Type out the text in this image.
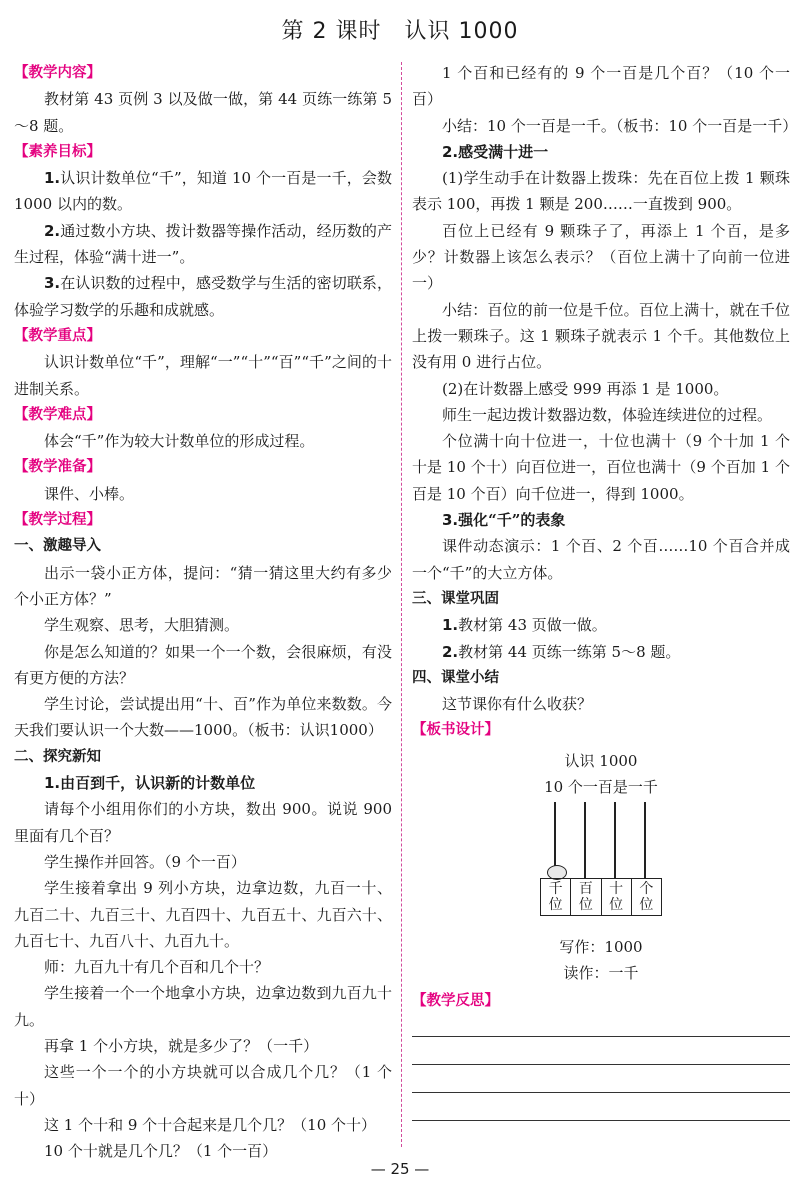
第 2 课时　认识 1000

【教学内容】

教材第 43 页例 3 以及做一做，第 44 页练一练第 5～8 题。

【素养目标】

1.认识计数单位“千”，知道 10 个一百是一千，会数 1000 以内的数。

2.通过数小方块、拨计数器等操作活动，经历数的产生过程，体验“满十进一”。

3.在认识数的过程中，感受数学与生活的密切联系，体验学习数学的乐趣和成就感。

【教学重点】

认识计数单位“千”，理解“一”“十”“百”“千”之间的十进制关系。

【教学难点】

体会“千”作为较大计数单位的形成过程。

【教学准备】

课件、小棒。

【教学过程】

一、激趣导入

出示一袋小正方体，提问：“猜一猜这里大约有多少个小正方体？”

学生观察、思考，大胆猜测。

你是怎么知道的？如果一个一个数，会很麻烦，有没有更方便的方法？

学生讨论，尝试提出用“十、百”作为单位来数数。今天我们要认识一个大数——1000。（板书：认识1000）

二、探究新知

1.由百到千，认识新的计数单位

请每个小组用你们的小方块，数出 900。说说 900 里面有几个百？

学生操作并回答。（9 个一百）

学生接着拿出 9 列小方块，边拿边数，九百一十、九百二十、九百三十、九百四十、九百五十、九百六十、九百七十、九百八十、九百九十。

师：九百九十有几个百和几个十？

学生接着一个一个地拿小方块，边拿边数到九百九十九。

再拿 1 个小方块，就是多少了？（一千）

这些一个一个的小方块就可以合成几个几？（1 个十）

这 1 个十和 9 个十合起来是几个几？（10 个十）

10 个十就是几个几？（1 个一百）

1 个百和已经有的 9 个一百是几个百？（10 个一百）

小结：10 个一百是一千。（板书：10 个一百是一千）

2.感受满十进一

(1)学生动手在计数器上拨珠：先在百位上拨 1 颗珠表示 100，再拨 1 颗是 200……一直拨到 900。

百位上已经有 9 颗珠子了，再添上 1 个百，是多少？计数器上该怎么表示？（百位上满十了向前一位进一）

小结：百位的前一位是千位。百位上满十，就在千位上拨一颗珠子。这 1 颗珠子就表示 1 个千。其他数位上没有用 0 进行占位。

(2)在计数器上感受 999 再添 1 是 1000。

师生一起边拨计数器边数，体验连续进位的过程。

个位满十向十位进一，十位也满十（9 个十加 1 个十是 10 个十）向百位进一，百位也满十（9 个百加 1 个百是 10 个百）向千位进一，得到 1000。

3.强化“千”的表象

课件动态演示：1 个百、2 个百……10 个百合并成一个“千”的大立方体。

三、课堂巩固

1.教材第 43 页做一做。

2.教材第 44 页练一练第 5～8 题。

四、课堂小结

这节课你有什么收获？

【板书设计】

认识 1000
10 个一百是一千
千
位
百
位
十
位
个
位
写作：1000
读作：一千

【教学反思】

— 25 —
